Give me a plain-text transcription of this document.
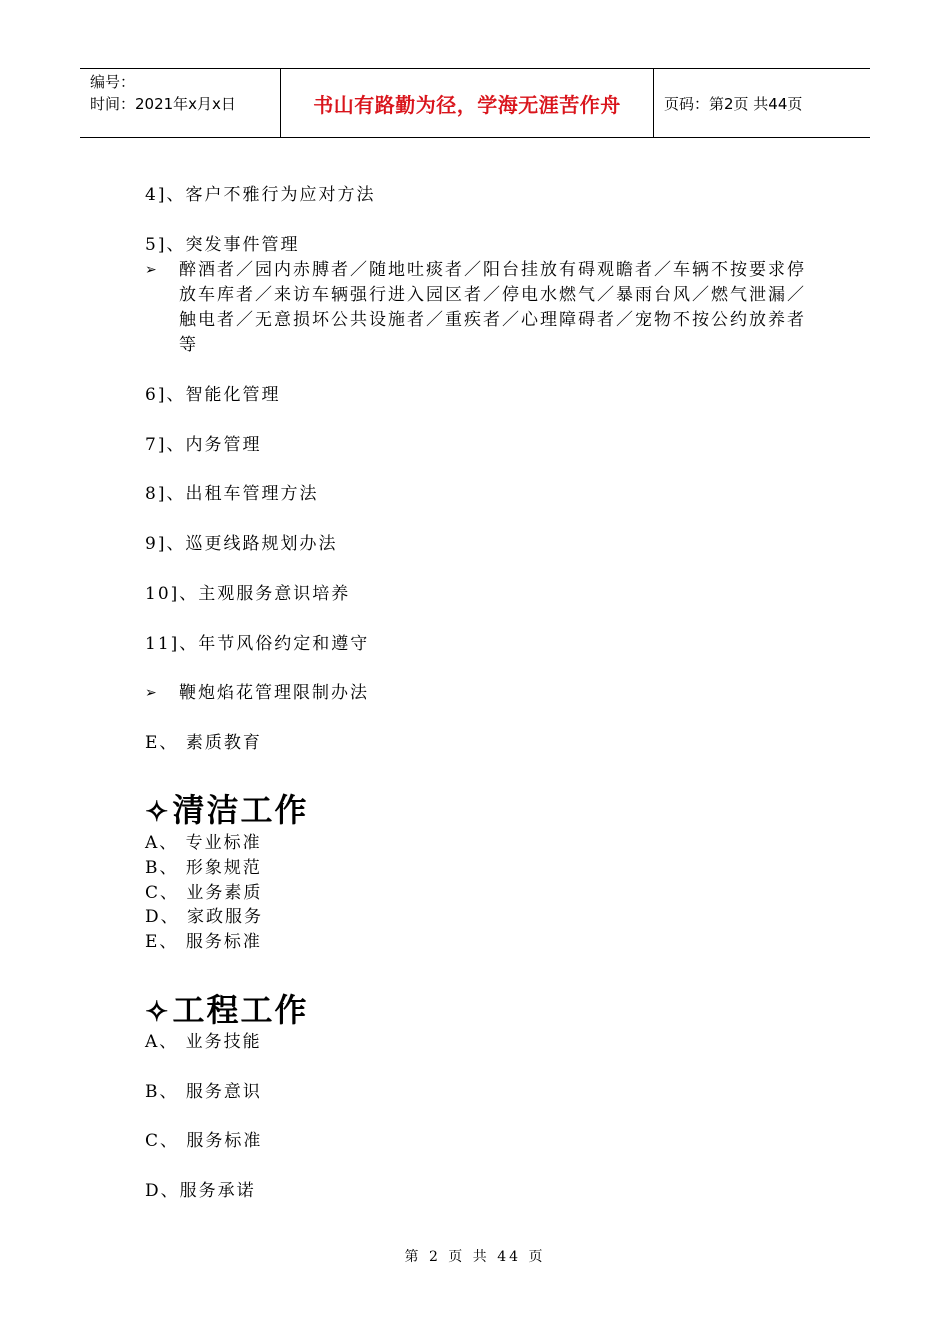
编号：
时间：2021年x月x日	书山有路勤为径，学海无涯苦作舟	页码：第2页 共44页
4]、客户不雅行为应对方法
5]、突发事件管理
➢ 醉酒者／园内赤膊者／随地吐痰者／阳台挂放有碍观瞻者／车辆不按要求停放车库者／来访车辆强行进入园区者／停电水燃气／暴雨台风／燃气泄漏／触电者／无意损坏公共设施者／重疾者／心理障碍者／宠物不按公约放养者等
6]、智能化管理
7]、内务管理
8]、出租车管理方法
9]、巡更线路规划办法
10]、主观服务意识培养
11]、年节风俗约定和遵守
➢ 鞭炮焰花管理限制办法
E、 素质教育
✧清洁工作
A、 专业标准
B、 形象规范
C、 业务素质
D、 家政服务
E、 服务标准
✧工程工作
A、 业务技能
B、 服务意识
C、 服务标准
D、服务承诺
第 2 页 共 44 页
